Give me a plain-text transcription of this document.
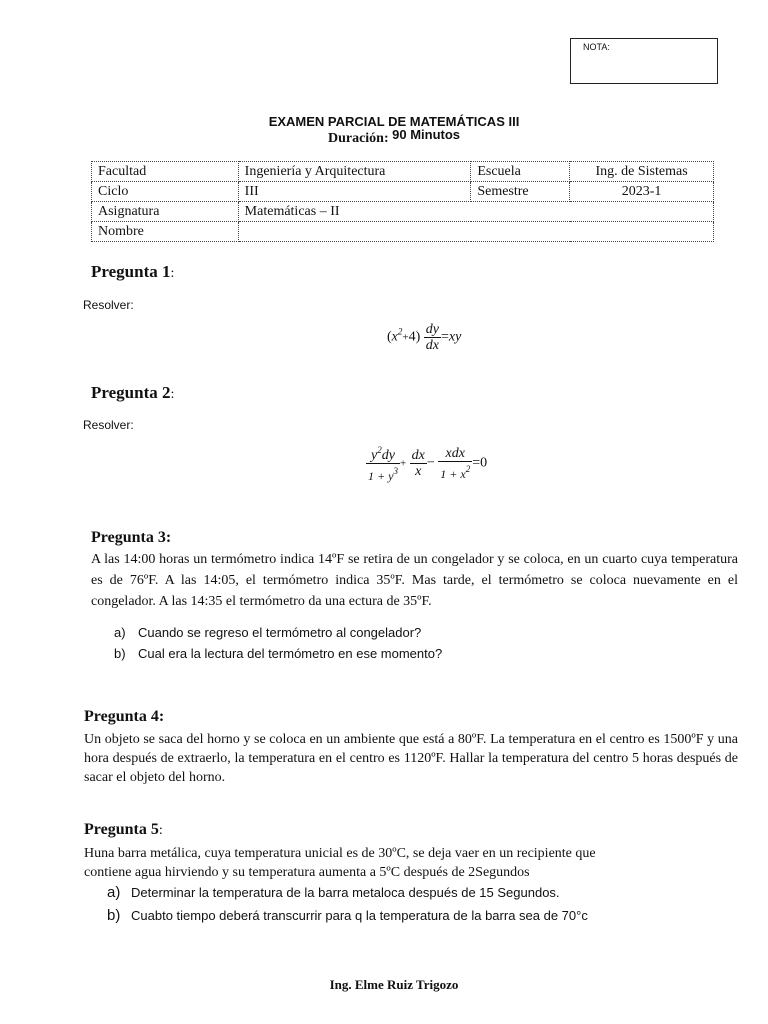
NOTA:
EXAMEN PARCIAL DE MATEMÁTICAS III
Duración: 90 Minutos
Facultad	Ingeniería y Arquitectura	Escuela	Ing. de Sistemas
Ciclo	III	Semestre	2023-1
Asignatura	Matemáticas – II		
Nombre			
Pregunta 1:
Resolver:
$(x^2+4) \frac{dy}{dx} =xy$
Pregunta 2:
Resolver:
$\frac{y^2dy}{1 + y^3} + \frac{dx}{x} - \frac{\text{xdx}}{1 + x^2} =0$
Pregunta 3:
A las 14:00 horas un termómetro indica 14ºF se retira de un congelador y se coloca, en un cuarto cuya temperatura es de 76ºF. A las 14:05, el termómetro indica 35ºF. Mas tarde, el termómetro se coloca nuevamente en el congelador. A las 14:35 el termómetro da una ectura de 35ºF.
a) Cuando se regreso el termómetro al congelador?
b) Cual era la lectura del termómetro en ese momento?
Pregunta 4:
Un objeto se saca del horno y se coloca en un ambiente que está a 80ºF. La temperatura en el centro es 1500ºF y una hora después de extraerlo, la temperatura en el centro es 1120ºF. Hallar la temperatura del centro 5 horas después de sacar el objeto del horno.
Pregunta 5:
Huna barra metálica, cuya temperatura unicial es de 30ºC, se deja vaer en un recipiente que
contiene agua hirviendo y su temperatura aumenta a 5ºC después de 2Segundos
a) Determinar la temperatura de la barra metaloca después de 15 Segundos.
b) Cuabto tiempo deberá transcurrir para q la temperatura de la barra sea de 70°c
Ing. Elme Ruiz Trigozo
